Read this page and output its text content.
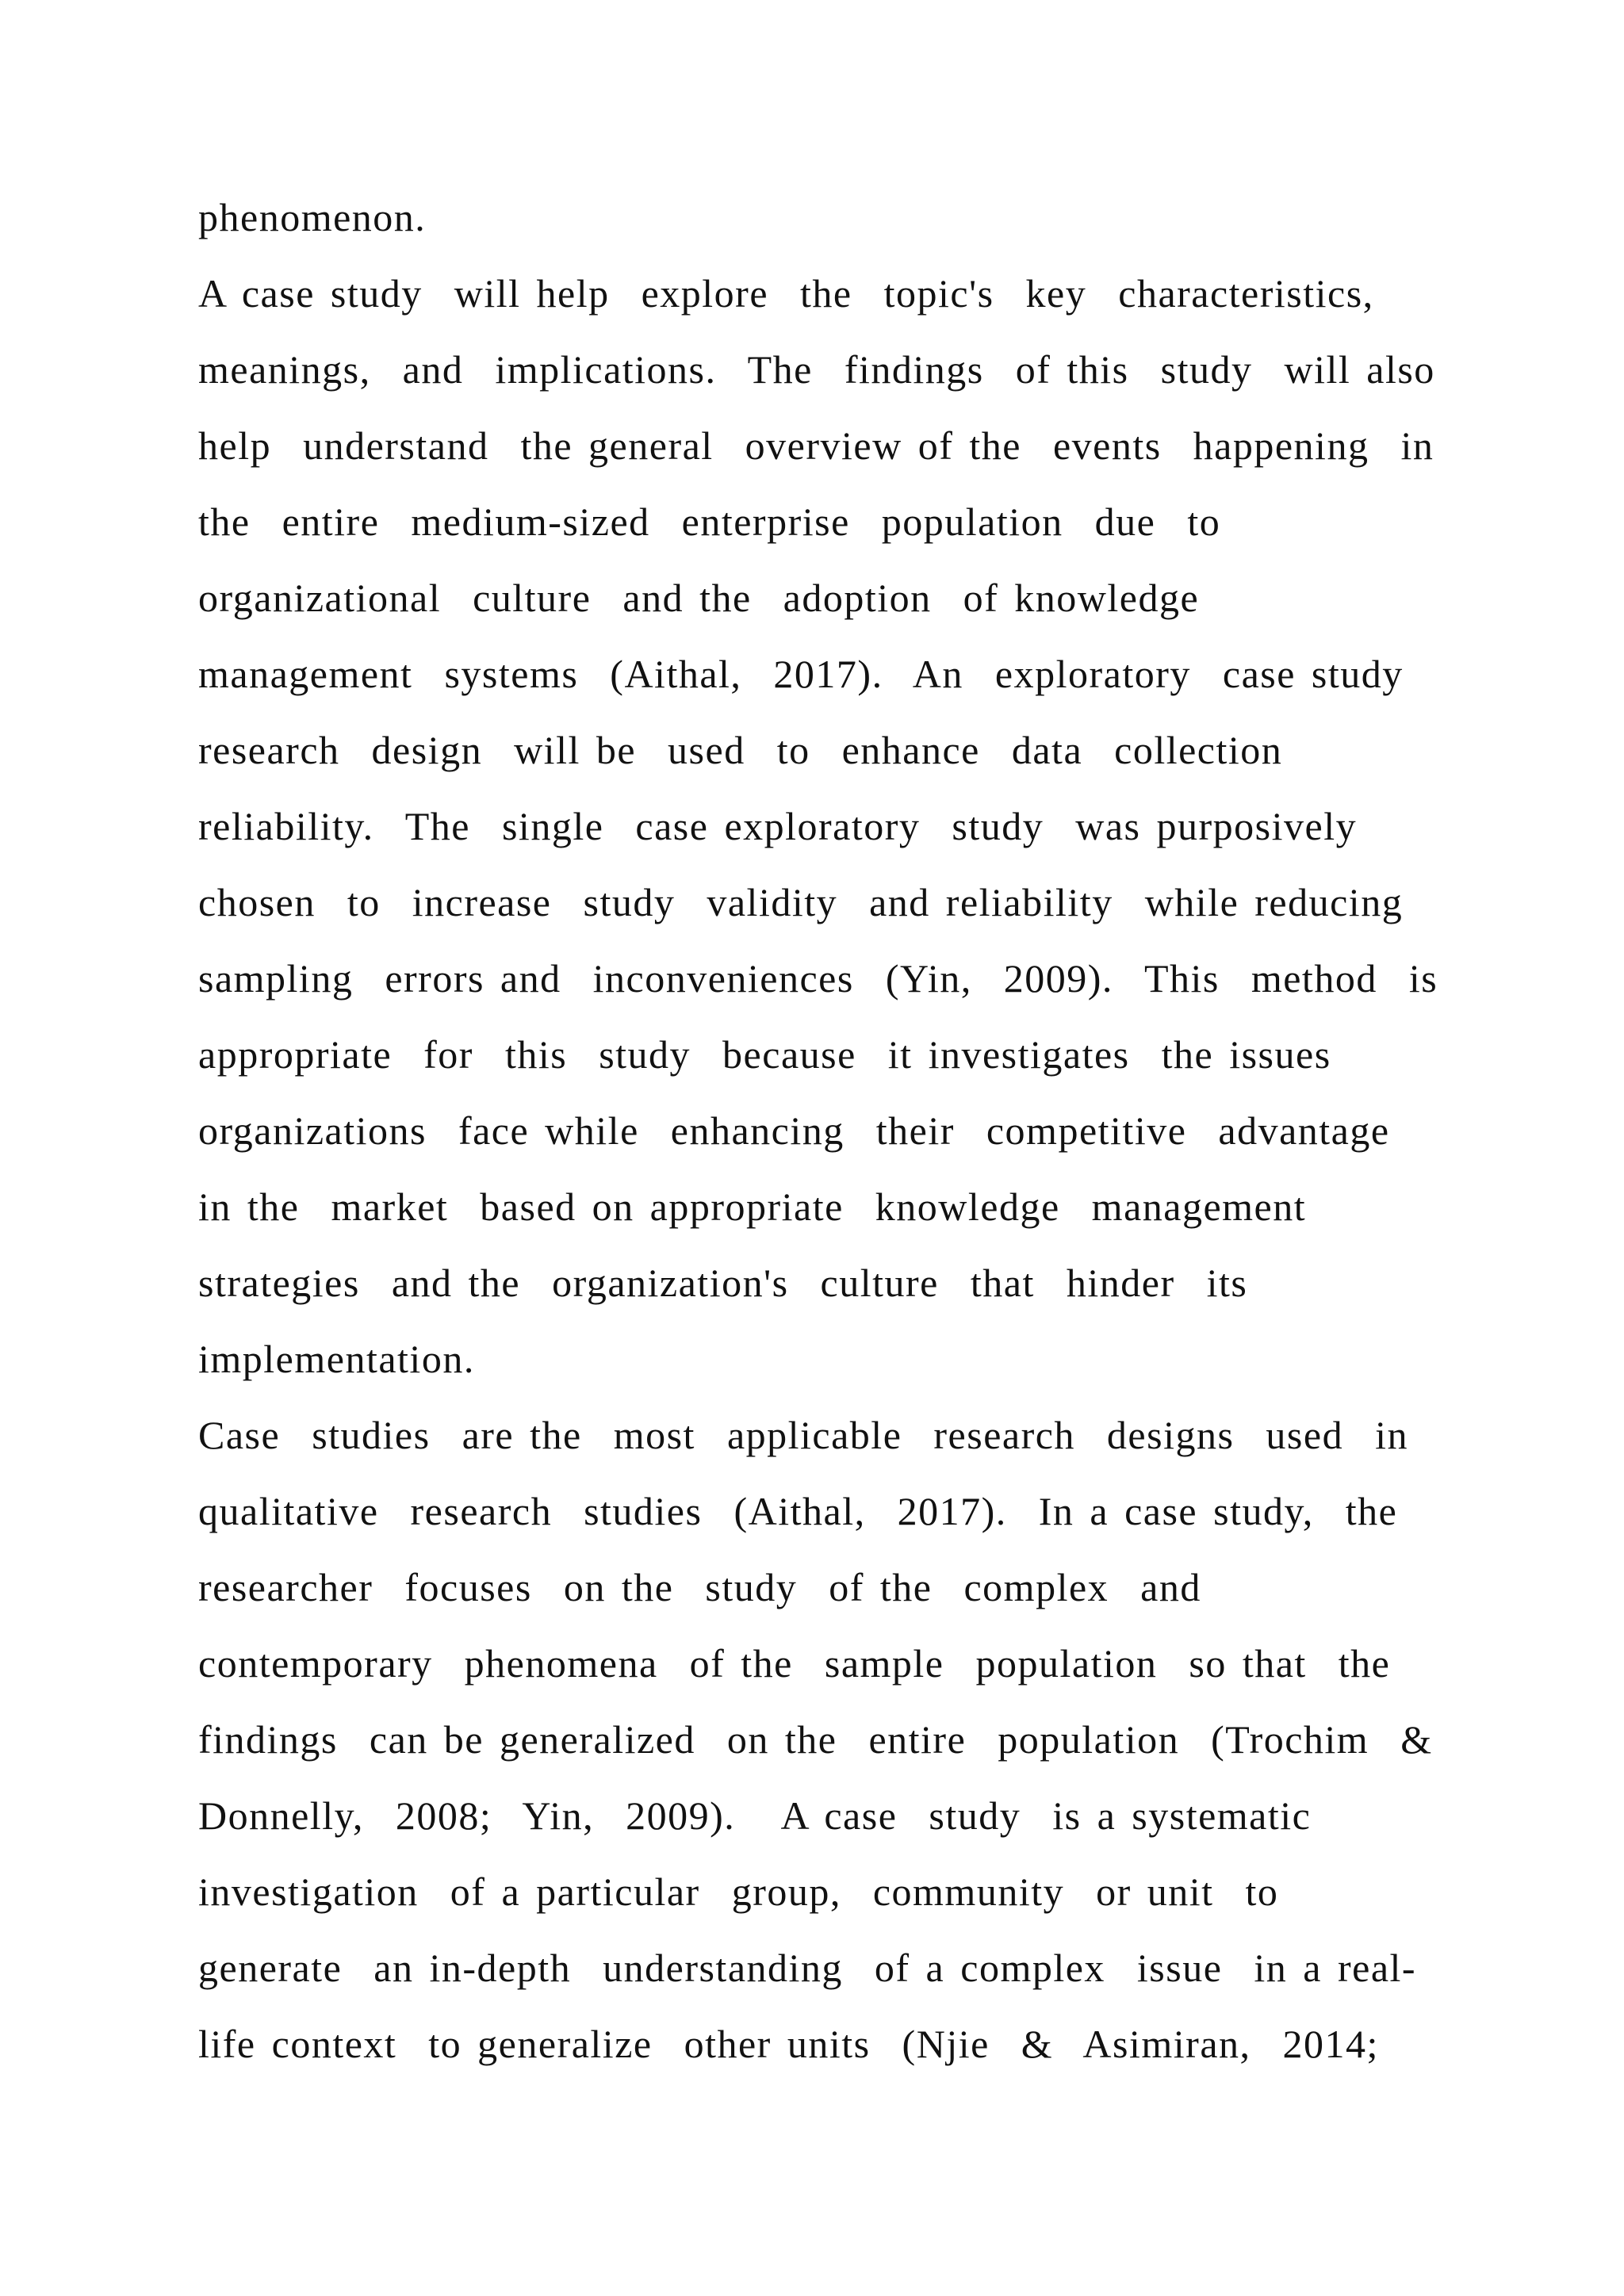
phenomenon.
A case study  will help  explore  the  topic's  key  characteristics,
meanings,  and  implications.  The  findings  of this  study  will also
help  understand  the general  overview of the  events  happening  in
the  entire  medium-sized  enterprise  population  due  to
organizational  culture  and the  adoption  of knowledge
management  systems  (Aithal,  2017).  An  exploratory  case study
research  design  will be  used  to  enhance  data  collection
reliability.  The  single  case exploratory  study  was purposively
chosen  to  increase  study  validity  and reliability  while reducing
sampling  errors and  inconveniences  (Yin,  2009).  This  method  is
appropriate  for  this  study  because  it investigates  the issues
organizations  face while  enhancing  their  competitive  advantage
in the  market  based on appropriate  knowledge  management
strategies  and the  organization's  culture  that  hinder  its
implementation.
Case  studies  are the  most  applicable  research  designs  used  in
qualitative  research  studies  (Aithal,  2017).  In a case study,  the
researcher  focuses  on the  study  of the  complex  and
contemporary  phenomena  of the  sample  population  so that  the
findings  can be generalized  on the  entire  population  (Trochim  &
Donnelly,  2008;  Yin,  2009).   A case  study  is a systematic
investigation  of a particular  group,  community  or unit  to
generate  an in-depth  understanding  of a complex  issue  in a real-
life context  to generalize  other units  (Njie  &  Asimiran,  2014;
